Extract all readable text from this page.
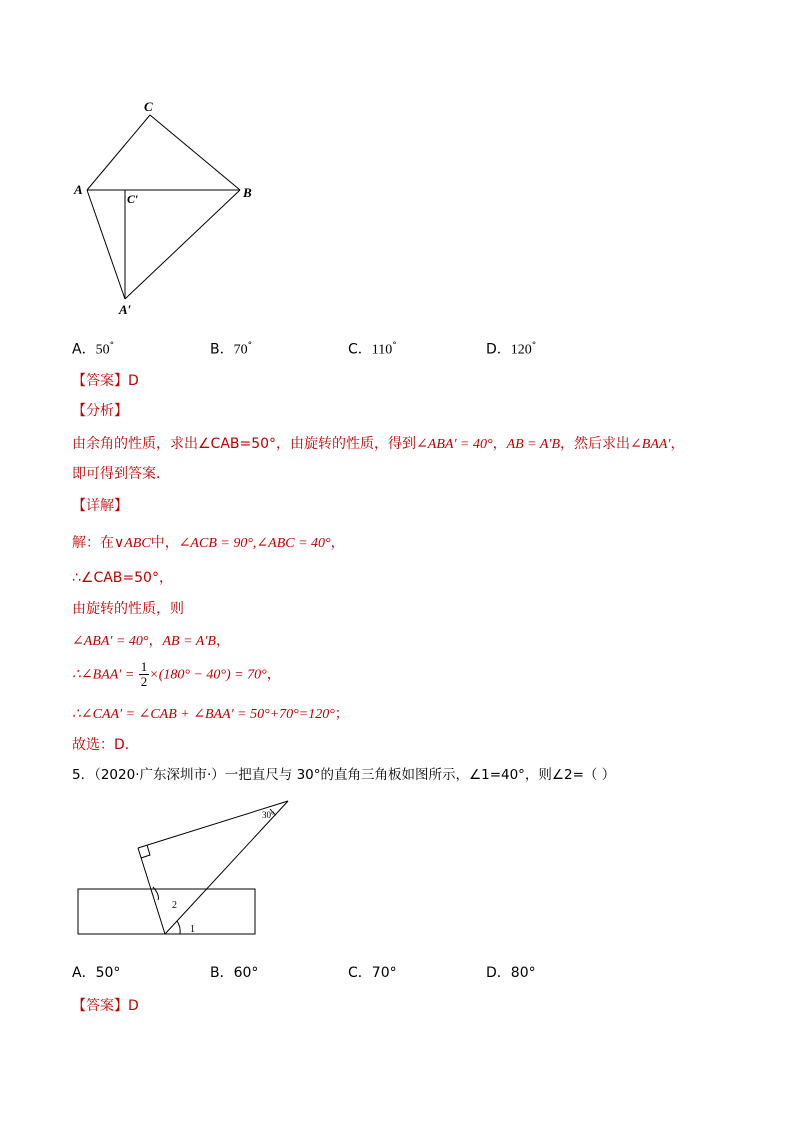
C
A	B
C′
A′
A．50°	B．70°	C．110°	D．120°
【答案】D
【分析】
由余角的性质，求出∠CAB=50°，由旋转的性质，得到∠ABA′ = 40°，AB = A′B，然后求出∠BAA′，
即可得到答案．
【详解】
解：在∨ABC中，∠ACB = 90°,∠ABC = 40°，
∴∠CAB=50°，
由旋转的性质，则
∠ABA′ = 40°，AB = A′B，
∴∠BAA′ = $\frac{1}{2} \times(180^\circ - 40^\circ) = 70^\circ$，
∴∠CAA′ = ∠CAB + ∠BAA′ = 50°+70°=120°；
故选：D．
5．（2020·广东深圳市·）一把直尺与 30°的直角三角板如图所示，∠1=40°，则∠2=（ ）
30°
2
1
A．50°	B．60°	C．70°	D．80°
【答案】D
